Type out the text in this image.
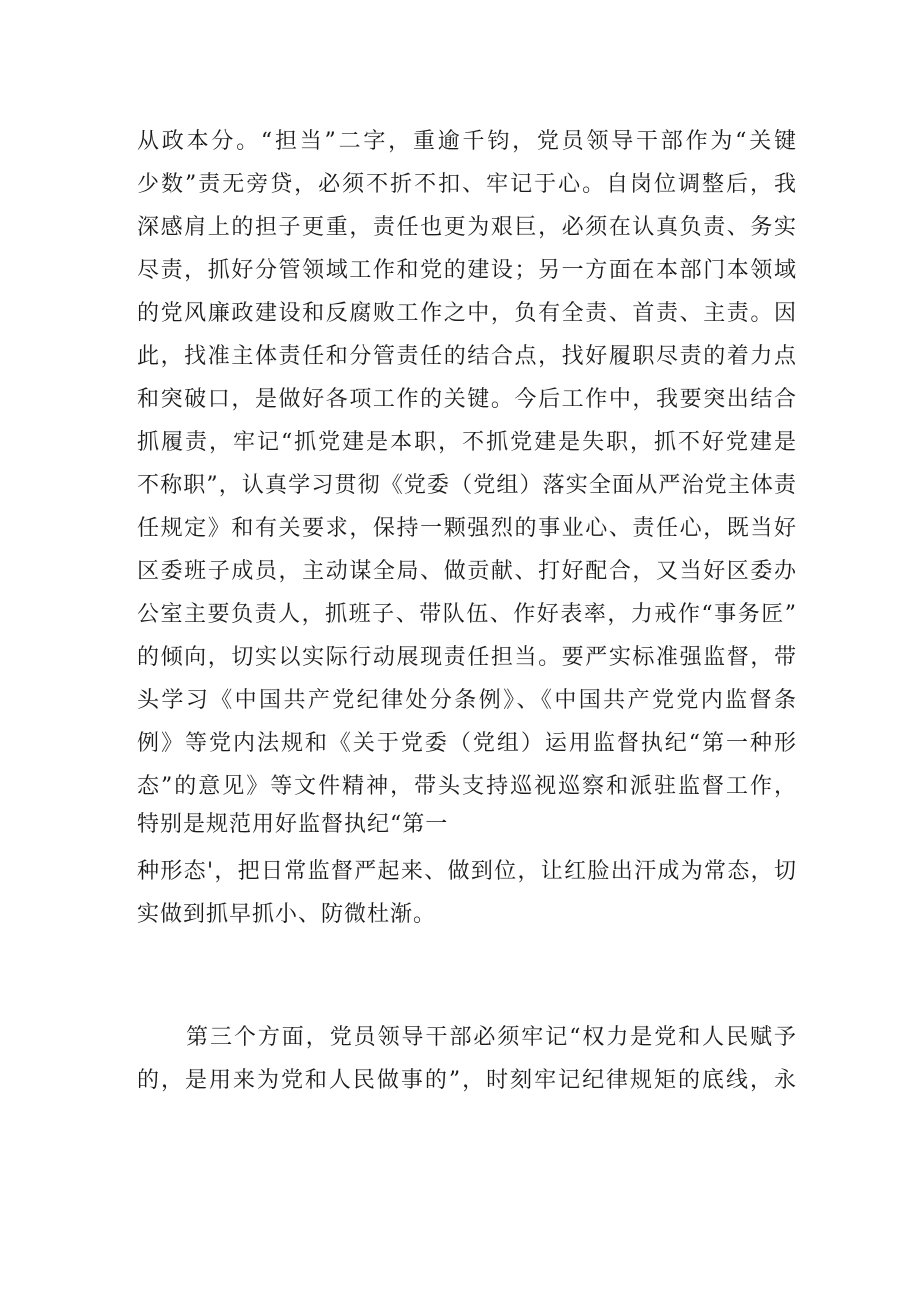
从政本分。“担当”二字，重逾千钧，党员领导干部作为“关键
少数”责无旁贷，必须不折不扣、牢记于心。自岗位调整后，我
深感肩上的担子更重，责任也更为艰巨，必须在认真负责、务实
尽责，抓好分管领域工作和党的建设；另一方面在本部门本领域
的党风廉政建设和反腐败工作之中，负有全责、首责、主责。因
此，找准主体责任和分管责任的结合点，找好履职尽责的着力点
和突破口，是做好各项工作的关键。今后工作中，我要突出结合
抓履责，牢记“抓党建是本职，不抓党建是失职，抓不好党建是
不称职”，认真学习贯彻《党委（党组）落实全面从严治党主体责
任规定》和有关要求，保持一颗强烈的事业心、责任心，既当好
区委班子成员，主动谋全局、做贡献、打好配合，又当好区委办
公室主要负责人，抓班子、带队伍、作好表率，力戒作“事务匠”
的倾向，切实以实际行动展现责任担当。要严实标准强监督，带
头学习《中国共产党纪律处分条例》、《中国共产党党内监督条
例》等党内法规和《关于党委（党组）运用监督执纪“第一种形
态”的意见》等文件精神，带头支持巡视巡察和派驻监督工作，
特别是规范用好监督执纪“第一
种形态'，把日常监督严起来、做到位，让红脸出汗成为常态，切
实做到抓早抓小、防微杜渐。
第三个方面，党员领导干部必须牢记“权力是党和人民赋予
的，是用来为党和人民做事的”，时刻牢记纪律规矩的底线，永
